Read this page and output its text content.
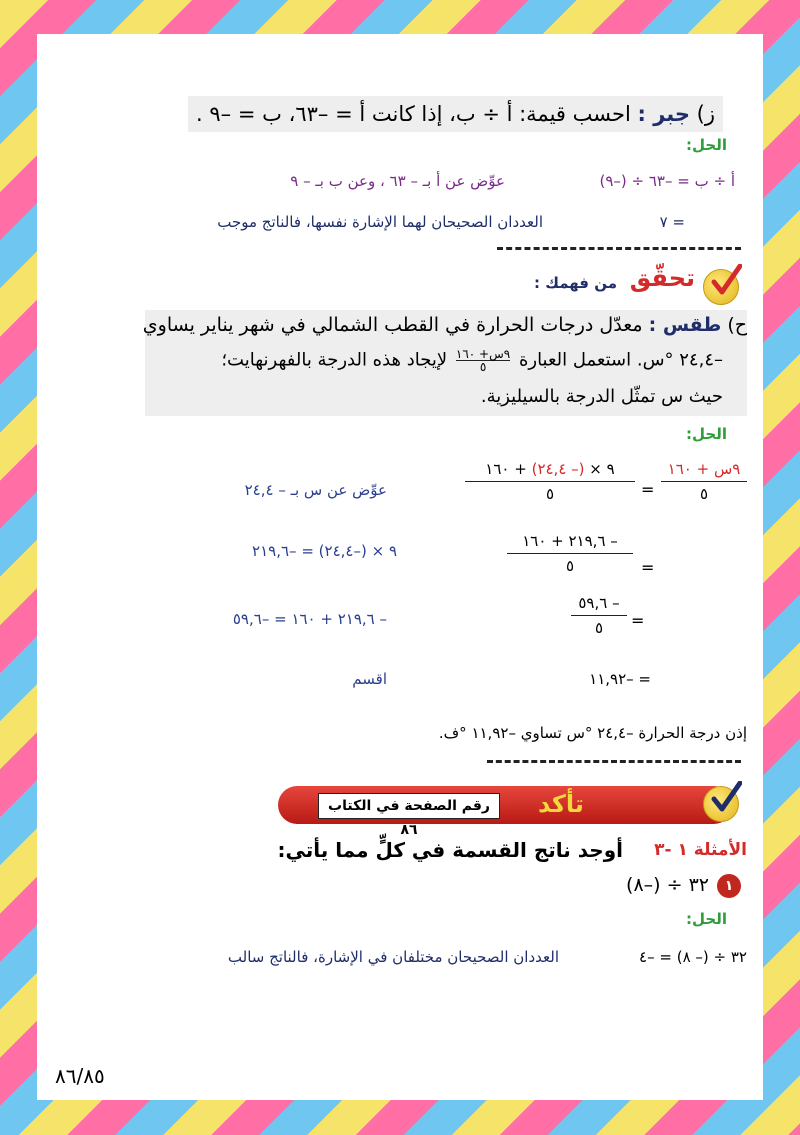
ز) جبر : احسب قيمة: أ ÷ ب، إذا كانت أ = –٦٣، ب = –٩ .
الحل:
أ ÷ ب = –٦٣ ÷ (–٩)
عوِّض عن أ بـ – ٦٣ ، وعن ب بـ – ٩
= ٧
العددان الصحيحان لهما الإشارة نفسها، فالناتج موجب
تحقّق
من فهمك :
ح) طقس : معدّل درجات الحرارة في القطب الشمالي في شهر يناير يساوي
–٢٤,٤ °س. استعمل العبارة
٩س+ ١٦٠
٥
لإيجاد هذه الدرجة بالفهرنهايت؛
حيث س تمثّل الدرجة بالسيليزية.
الحل:
٩س + ١٦٠
٥
=
٩ × (– ٢٤,٤) + ١٦٠
٥
عوِّض عن س بـ – ٢٤,٤
=
– ٢١٩,٦ + ١٦٠
٥
٩ × (–٢٤,٤) = –٢١٩,٦
=
– ٥٩,٦
٥
– ٢١٩,٦ + ١٦٠ = –٥٩,٦
= –١١,٩٢
اقسم
إذن درجة الحرارة –٢٤,٤ °س تساوي –١١,٩٢ °ف.
رقم الصفحة في الكتاب ٨٦
تأكد
الأمثلة ١ -٣
أوجد ناتج القسمة في كلٍّ مما يأتي:
١
٣٢ ÷ (–٨)
الحل:
٣٢ ÷ (– ٨) = –٤
العددان الصحيحان مختلفان في الإشارة، فالناتج سالب
٨٦/٨٥
